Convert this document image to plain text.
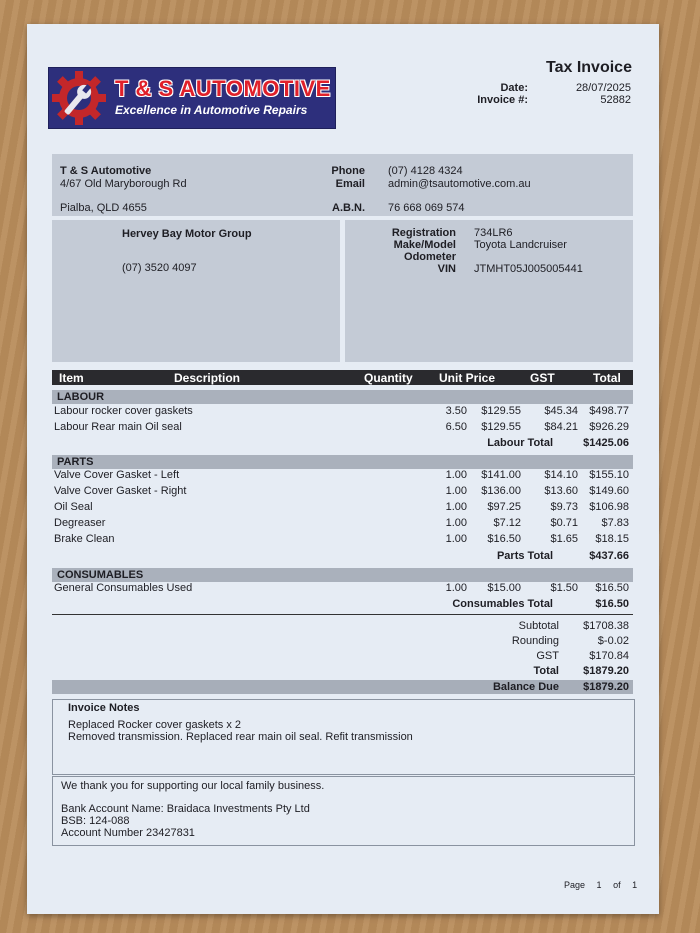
T & S AUTOMOTIVE
Excellence in Automotive Repairs
Tax Invoice
Date:	28/07/2025
Invoice #:	52882
T & S Automotive
4/67 Old Maryborough Rd
Pialba, QLD 4655
Phone (07) 4128 4324
Email admin@tsautomotive.com.au
A.B.N. 76 668 069 574
Hervey Bay Motor Group
(07) 3520 4097
Registration 734LR6
Make/Model Toyota Landcruiser
Odometer
VIN JTMHT05J005005441
Item	Description	Quantity Unit Price	GST	Total
LABOUR
Labour rocker cover gaskets	3.50 $129.55 $45.34 $498.77
Labour Rear main Oil seal	6.50 $129.55 $84.21 $926.29
Labour Total	$1425.06
PARTS
Valve Cover Gasket - Left	1.00 $141.00 $14.10 $155.10
Valve Cover Gasket - Right	1.00 $136.00 $13.60 $149.60
Oil Seal	1.00 $97.25	$9.73 $106.98
Degreaser	1.00 $7.12	$0.71 $7.83
Brake Clean	1.00 $16.50	$1.65 $18.15
Parts Total	$437.66
CONSUMABLES
General Consumables Used	1.00 $15.00	$1.50 $16.50
Consumables Total	$16.50
Subtotal $1708.38
Rounding	$-0.02
GST	$170.84
Total $1879.20
Balance Due $1879.20
Invoice Notes
Replaced Rocker cover gaskets x 2
Removed transmission. Replaced rear main oil seal. Refit transmission
We thank you for supporting our local family business.
Bank Account Name: Braidaca Investments Pty Ltd
BSB: 124-088
Account Number 23427831
Page 1 of 1
